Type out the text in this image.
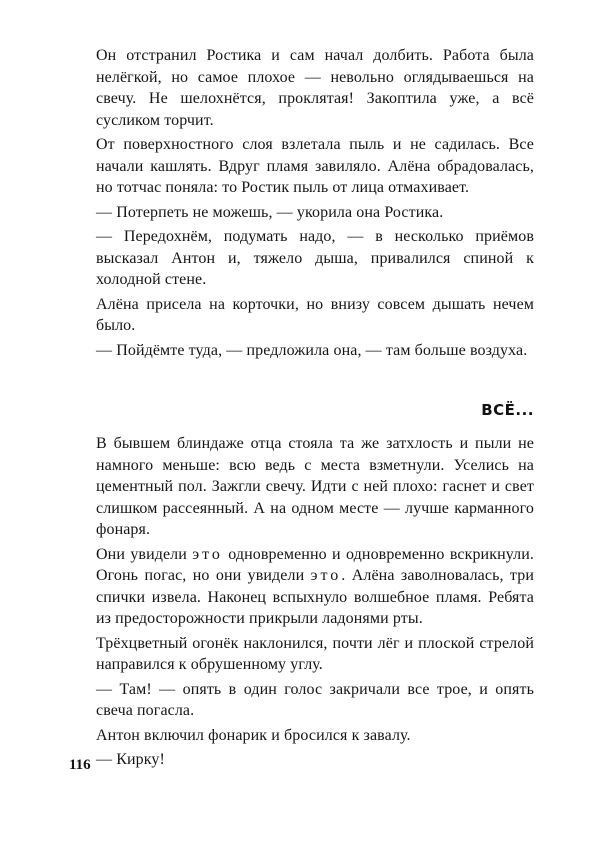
Он отстранил Ростика и сам начал долбить. Работа была нелёгкой, но самое плохое — невольно оглядываешься на свечу. Не шелохнётся, проклятая! Закоптила уже, а всё сусликом торчит.

От поверхностного слоя взлетала пыль и не садилась. Все начали кашлять. Вдруг пламя завиляло. Алёна обрадовалась, но тотчас поняла: то Ростик пыль от лица отмахивает.

— Потерпеть не можешь, — укорила она Ростика.

— Передохнём, подумать надо, — в несколько приёмов высказал Антон и, тяжело дыша, привалился спиной к холодной стене.

Алёна присела на корточки, но внизу совсем дышать нечем было.

— Пойдёмте туда, — предложила она, — там больше воздуха.

ВСЁ...

В бывшем блиндаже отца стояла та же затхлость и пыли не намного меньше: всю ведь с места взметнули. Уселись на цементный пол. Зажгли свечу. Идти с ней плохо: гаснет и свет слишком рассеянный. А на одном месте — лучше карманного фонаря.

Они увидели это одновременно и одновременно вскрикнули. Огонь погас, но они увидели это. Алёна заволновалась, три спички извела. Наконец вспыхнуло волшебное пламя. Ребята из предосторожности прикрыли ладонями рты.

Трёхцветный огонёк наклонился, почти лёг и плоской стрелой направился к обрушенному углу.

— Там! — опять в один голос закричали все трое, и опять свеча погасла.

Антон включил фонарик и бросился к завалу.

— Кирку!

116
